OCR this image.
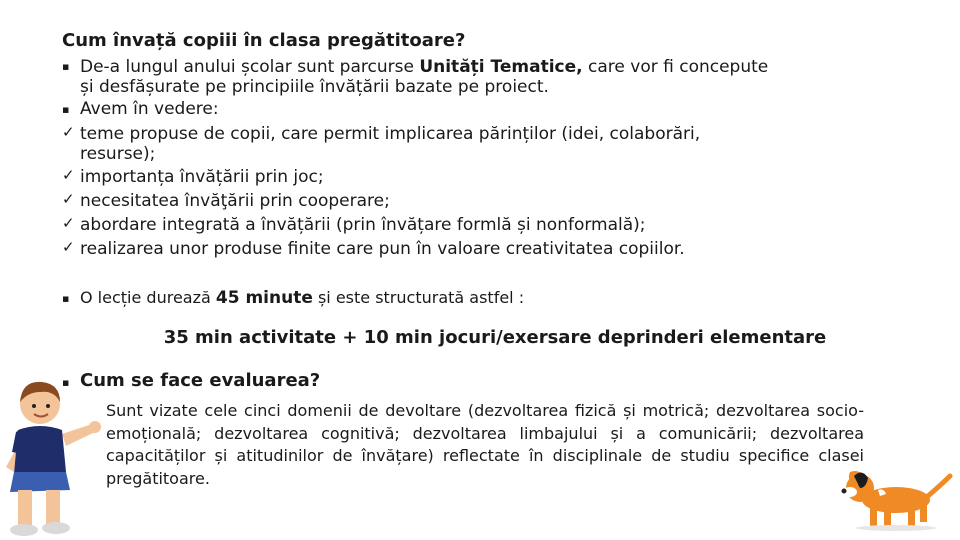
Cum învață copiii în clasa pregătitoare?
▪ De-a lungul anului școlar sunt parcurse Unități Tematice, care vor fi concepute
și desfășurate pe principiile învățării bazate pe proiect.
▪ Avem în vedere:
✓ teme propuse de copii, care permit implicarea părinților (idei, colaborări,
resurse);
✓ importanța învățării prin joc;
✓ necesitatea învăţării prin cooperare;
✓ abordare integrată a învățării (prin învățare formlă și nonformală);
✓ realizarea unor produse finite care pun în valoare creativitatea copiilor.
▪ O lecție durează 45 minute și este structurată astfel :
35 min activitate + 10 min jocuri/exersare deprinderi elementare
▪ Cum se face evaluarea?
Sunt vizate cele cinci domenii de devoltare (dezvoltarea fizică și motrică; dezvoltarea socio-emoțională; dezvoltarea cognitivă; dezvoltarea limbajului și a comunicării; dezvoltarea capacităților și atitudinilor de învățare) reflectate în disciplinale de studiu specifice clasei pregătitoare.
